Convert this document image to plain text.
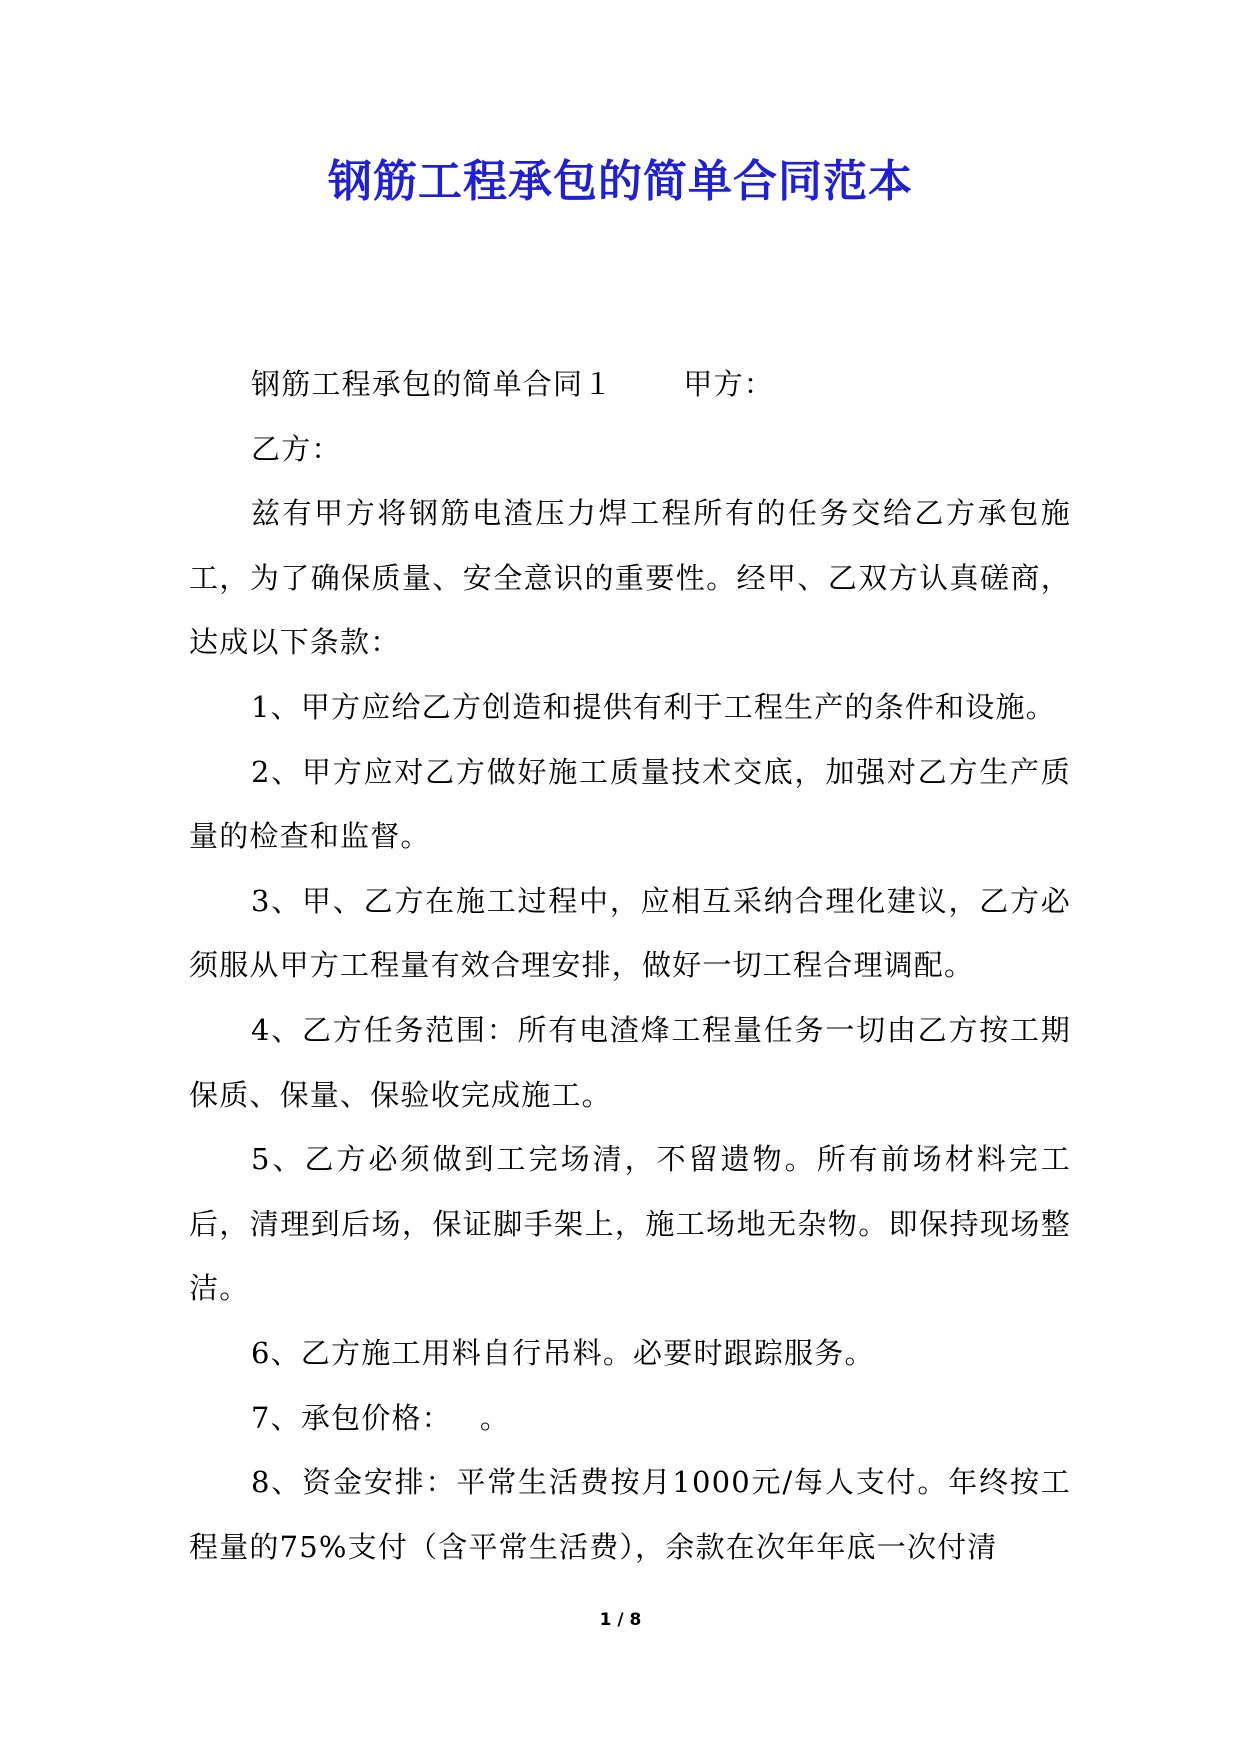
钢筋工程承包的简单合同范本

钢筋工程承包的简单合同１ 甲方：

乙方：

兹有甲方将钢筋电渣压力焊工程所有的任务交给乙方承包施工，为了确保质量、安全意识的重要性。经甲、乙双方认真磋商，达成以下条款：

1、甲方应给乙方创造和提供有利于工程生产的条件和设施。

2、甲方应对乙方做好施工质量技术交底，加强对乙方生产质量的检查和监督。

3、甲、乙方在施工过程中，应相互采纳合理化建议，乙方必须服从甲方工程量有效合理安排，做好一切工程合理调配。

4、乙方任务范围：所有电渣烽工程量任务一切由乙方按工期保质、保量、保验收完成施工。

5、乙方必须做到工完场清，不留遗物。所有前场材料完工后，清理到后场，保证脚手架上，施工场地无杂物。即保持现场整洁。

6、乙方施工用料自行吊料。必要时跟踪服务。

7、承包价格： 。

8、资金安排：平常生活费按月1000元/每人支付。年终按工程量的75%支付（含平常生活费），余款在次年年底一次付清

1 / 8
